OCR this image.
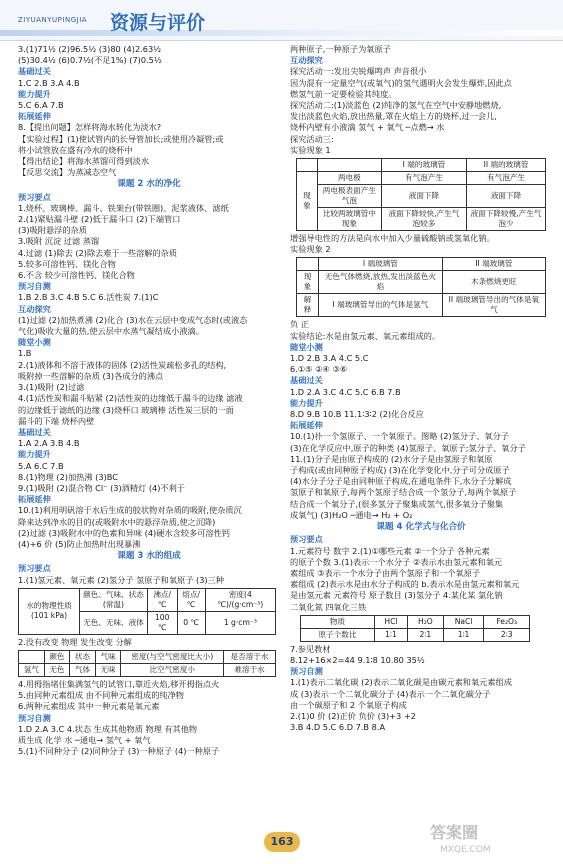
ZIYUANYUPINGJIA 资源与评价
3.(1)71½ (2)96.5½ (3)80 (4)2.63½
(5)30.4½ (6)0.7½(不足1%) (7)0.5½
基础过关
1.C 2.B 3.A 4.B
能力提升
5.C 6.A 7.B
拓展延伸
8.【提出问题】怎样将海水转化为淡水?
【实验过程】(1)使试管内的长导管加长;或使用冷凝管;或
将小试管放在盛有冷水的烧杯中
【得出结论】将海水蒸馏可得到淡水
【反思交流】为蒸减态空气
课题 2 水的净化
预习要点
1.烧杯、玻璃棒、漏斗、铁架台(带铁圈)、泥浆液体、滤纸
2.(1)紧贴漏斗壁 (2)低于漏斗口 (2)下端管口
(3)吸附悬浮的杂质
3.吸附 沉淀 过滤 蒸馏
4.过滤 (1)除去 (2)除去难于一些溶解的杂质
5.较多可溶性钙、镁化合物
6.不含 较少可溶性钙、镁化合物
预习自测
1.B 2.B 3.C 4.B 5.C 6.活性炭 7.(1)C
互动探究
(1)过滤 (2)加热煮沸 (2)化合 (3)水在云层中变成气态时(或液态
气化)吸收大量的热,使云层中水蒸气凝结成小液滴。
随堂小测
1.B
2.(1)液体和不溶于液体的固体 (2)活性炭疏松多孔的结构,
吸附掉一些溶解的杂质 (3)各成分的沸点
3.(1)吸附 (2)过滤
4.(1)活性炭和漏斗贴紧 (2)活性炭的边缘低于漏斗的边缘 滤液
的边缘低于滤纸的边缘 (3)烧杯口 玻璃棒 活性炭三层的一面
漏斗的下端 烧杯内壁
基础过关
1.A 2.A 3.B 4.B
能力提升
5.A 6.C 7.B
8.(1)物理 (2)加热沸 (3)BC
9.(1)吸附 (2)混合物 Cl⁻ (3)酒精灯 (4)不利于
拓展延伸
10.(1)利用明矾溶于水后生成的胶状物对杂质的吸附,使杂质沉
降来达到净水的目的(或吸附水中的悬浮杂质,使之沉降)
(2)过滤 (3)吸附水中的色素和异味 (4)硬水含较多可溶性钙
(4)+6 价 (5)防止加热时出现暴沸
课题 3 水的组成
预习要点
1.(1)氢元素、氧元素 (2)氢分子 氢原子和氧原子 (3)三种
水的物理性质(101 kPa)	颜色、气味、状态(常温)	沸点/℃	熔点/℃	密度(4 ℃)/(g·cm⁻³)
	无色、无味、液体	100 ℃	0 ℃	1 g·cm⁻³
2.没有改变 物理 发生改变 分解
	颜色	状态	气味	密度(与空气密度比大小)	是否溶于水
氢气	无色	气体	无味	比空气密度小	难溶于水
4.用拇指堵住集满氢气的试管口,靠近火焰,移开拇指点火
5.由同种元素组成 由不同种元素组成的纯净物
6.两种元素组成 其中一种元素是氧元素
预习自测
1.D 2.A 3.C 4.状态 生成其他物质 物理 有其他物
质生成 化学 水 ─通电→ 氢气 + 氧气
5.(1)不同种分子 (2)同种分子 (3)一种原子 (4)一种原子
两种原子,一种原子为氧原子
互动探究
探究活动一:发出尖锐爆鸣声 声音很小
因为混有一定量空气(或氧气)的氢气遇明火会发生爆炸,因此点
燃氢气前一定要检验其纯度。
探究活动二:(1)淡蓝色 (2)纯净的氢气在空气中安静地燃烧,
发出淡蓝色火焰,放出热量,罩在火焰上方的烧杯,过一会儿,
烧杯内壁有小液滴 氢气 + 氧气 ─点燃→ 水
探究活动三:
实验现象 1
		I 端的玻璃管	II 端的玻璃管
现象	两电极	有气泡产生	有气泡产生
	两电极表面产生气泡	液面下降	液面下降
	比较两玻璃管中现象	液面下降较快,产生气泡较多	液面下降较慢,产生气泡少
增强导电性的方法是向水中加入少量硫酸钠或氢氧化钠。
实验现象 2
	I 端玻璃管	II 端玻璃管
现象	无色气体燃烧,放热,发出淡蓝色火焰	木条燃烧更旺
解释	I 端玻璃管导出的气体是氢气	II 端玻璃管导出的气体是氧气
负 正
实验结论:水是由氢元素、氧元素组成的。
随堂小测
1.D 2.B 3.A 4.C 5.C
6.①⑤ ②④ ③⑥
基础过关
1.D 2.A 3.C 4.C 5.C 6.B 7.B
能力提升
8.D 9.B 10.B 11.1∶3∶2 (2)化合反应
拓展延伸
10.(1)扑一个氢原子、一个氧原子。图略 (2)氢分子、氧分子
(3)在化学反应中,原子的种类 (4)氢原子、氧原子;氢分子、氧分子
11.(1)分子是由原子构成的 (2)水分子是由氢原子和氧原
子构成(或由同种原子构成) (3)在化学变化中,分子可分成原子
(4)水分子分子是由同种原子构成,在通电条件下,水分子分解成
氢原子和氧原子,每两个氢原子结合成一个氢分子,每两个氧原子
结合成一个氧分子,(很多氢分子聚集成氢气,很多氧分子聚集
成氧气) (3)H₂O ─通电→ H₂ + O₂
课题 4 化学式与化合价
预习要点
1.元素符号 数字 2.(1)①哪些元素 ②一个分子 各种元素
的原子个数 3.(1)表示一个水分子 ②表示水由氢元素和氧元
素组成 ③表示一个水分子由两个氢原子和一个氧原子
素组成 (2)表示水是由水分子构成的 b.表示水是由氢元素和氧元
是由氢元素 元素符号 原子数目 (3)氢分子 4.某化某 氯化钠
二氧化氮 四氧化三铁
物质	HCl	H₂O	NaCl	Fe₂O₃
原子个数比	1∶1	2∶1	1∶1	2∶3
7.参见教材
8.12+16×2=44 9.1∶8 10.80 35½
预习自测
1.(1)表示二氧化碳 (2)表示二氧化碳是由碳元素和氧元素组成
成 (3)表示一个二氧化碳分子 (4)表示一个二氧化碳分子
由一个碳原子和 2 个氧原子构成
2.(1)0 价 (2)正价 负价 (3)+3 +2
3.B 4.D 5.C 6.D 7.B 8.A
163	答案圈
MXQE.COM
